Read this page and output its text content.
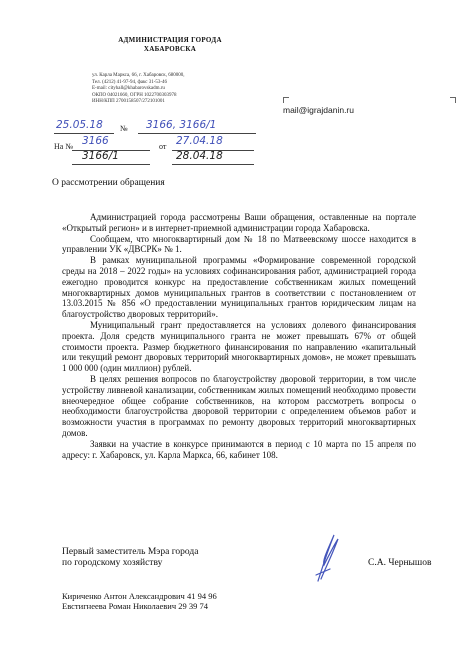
АДМИНИСТРАЦИЯ ГОРОДА
ХАБАРОВСКА
ул. Карла Маркса, 66, г. Хабаровск, 680000,
Тел. (4212) 41-97-94, факс 31-53-46
E-mail: cityhall@khabarovskadm.ru
ОКПО 04021660, ОГРН 1022700303978
ИНН/КПП 2700158507/272101001
mail@igrajdanin.ru
№
25.05.18	3166, 3166/1
На №	от
3166	27.04.18
3166/1	28.04.18
О рассмотрении обращения

Администрацией города рассмотрены Ваши обращения, оставленные на портале «Открытый регион» и в интернет-приемной администрации города Хабаровска.

Сообщаем, что многоквартирный дом № 18 по Матвеевскому шоссе находится в управлении УК «ДВСРК» № 1.

В рамках муниципальной программы «Формирование современной городской среды на 2018 – 2022 годы» на условиях софинансирования работ, администрацией города ежегодно проводится конкурс на предоставление собственникам жилых помещений многоквартирных домов муниципальных грантов в соответствии с постановлением от 13.03.2015 № 856 «О предоставлении муниципальных грантов юридическим лицам на благоустройство дворовых территорий».

Муниципальный грант предоставляется на условиях долевого финансирования проекта. Доля средств муниципального гранта не может превышать 67% от общей стоимости проекта. Размер бюджетного финансирования по направлению «капитальный или текущий ремонт дворовых территорий многоквартирных домов», не может превышать 1 000 000 (один миллион) рублей.

В целях решения вопросов по благоустройству дворовой территории, в том числе устройству ливневой канализации, собственникам жилых помещений необходимо провести внеочередное общее собрание собственников, на котором рассмотреть вопросы о необходимости благоустройства дворовой территории с определением объемов работ и возможности участия в программах по ремонту дворовых территорий многоквартирных домов.

Заявки на участие в конкурсе принимаются в период с 10 марта по 15 апреля по адресу: г. Хабаровск, ул. Карла Маркса, 66, кабинет 108.

Первый заместитель Мэра города
по городскому хозяйству	С.А. Чернышов
Кириченко Антон Александрович 41 94 96
Евстигнеева Роман Николаевич 29 39 74
